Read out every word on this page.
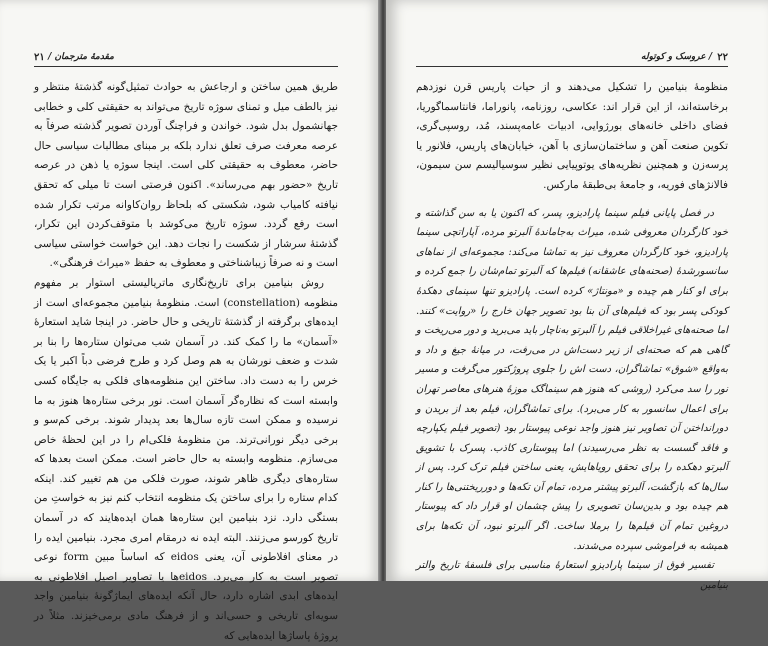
۲۱	مقدمهٔ مترجمان /

طریق همین ساختن و ارجاعش به حوادث تمثیل‌گونه گذشتهٔ منتظر و نیز بالطف میل و تمنای سوژه تاریخ می‌تواند به حقیقتی کلی و خطابی جهانشمول بدل شود. خواندن و فراچنگ آوردن تصویر گذشته صرفاً به عرصه معرفت صرف تعلق ندارد بلکه بر مبنای مطالبات سیاسی حال حاضر، معطوف به حقیقتی کلی است. اینجا سوژه یا ذهن در عرصه تاریخ «حضور بهم می‌رساند». اکنون فرصتی است تا میلی که تحقق نیافته کامیاب شود، شکستی که بلحاظ روان‌کاوانه مرتب تکرار شده است رفع گردد. سوژه تاریخ می‌کوشد با متوقف‌کردن این تکرار، گذشتهٔ سرشار از شکست را نجات دهد. این خواست خواستی سیاسی است و نه صرفاً زیباشناختی و معطوف به حفظ «میراث فرهنگی».

روش بنیامین برای تاریخ‌نگاری ماتریالیستی استوار بر مفهوم منظومه (constellation) است. منظومهٔ بنیامین مجموعه‌ای است از ایده‌های برگرفته از گذشتهٔ تاریخی و حال حاضر. در اینجا شاید استعارهٔ «آسمان» ما را کمک کند. در آسمان شب می‌توان ستاره‌ها را بنا بر شدت و ضعف نورشان به هم وصل کرد و طرح فرضی دباً اکبر یا یک خرس را به دست داد. ساختن این منظومه‌های فلکی به جایگاه کسی وابسته است که نظاره‌گر آسمان است. نور برخی ستاره‌ها هنوز به ما نرسیده و ممکن است تازه سال‌ها بعد پدیدار شوند. برخی کم‌سو و برخی دیگر نورانی‌ترند. من منظومهٔ فلکی‌ام را در این لحظهٔ خاص می‌سازم. منظومه وابسته به حال حاضر است. ممکن است بعدها که ستاره‌های دیگری ظاهر شوند، صورت فلکی من هم تغییر کند. اینکه کدام ستاره را برای ساختن یک منظومه انتخاب کنم نیز به خواستِ من بستگی دارد. نزد بنیامین این ستاره‌ها همان ایده‌هایند که در آسمان تاریخ کورسو می‌زنند. البته ایده نه درمقام امری مجرد. بنیامین ایده را در معنای افلاطونی آن، یعنی eidos که اساساً مبین form نوعی تصویر است به کار می‌برد. eidos‌ها یا تصاویر اصیل افلاطونی به ایده‌های ابدی اشاره دارد، حال آنکه ایده‌های ایماژگونهٔ بنیامین واجد سویه‌ای تاریخی و حسی‌اند و از فرهنگ مادی برمی‌خیزند. مثلاً در پروژهٔ پاساژها ایده‌هایی که

۲۲
/ عروسک و کوتوله

منظومهٔ بنیامین را تشکیل می‌دهند و از حیات پاریس قرن نوزدهم برخاسته‌اند، از این قرار اند: عکاسی، روزنامه، پانوراما، فانتاسماگوریا، فضای داخلی خانه‌های بورژوایی، ادبیات عامه‌پسند، مُد، روسپی‌گری، تکوین صنعت آهن و ساختمان‌سازی با آهن، خیابان‌های پاریس، فلانور یا پرسه‌زن و همچنین نظریه‌های یوتوپیایی نظیر سوسیالیسم سن سیمون، فالانژهای فوریه، و جامعهٔ بی‌طبقهٔ مارکس.

در فصل پایانی فیلم سینما پارادیزو، پسر، که اکنون یا به سن گذاشته و خود کارگردان معروفی شده، میراث‌ به‌جاماندهٔ آلبرتو مرده، آپاراتچی سینما پارادیزو، خود کارگردان معروف نیز به تماشا می‌کند: مجموعه‌ای از نماهای سانسورشدهٔ (صحنه‌های عاشقانه) فیلم‌ها که آلبرتو تمام‌شان را جمع کرده و برای او کنار هم چیده و «مونتاژ» کرده است. پارادیزو تنها سینمای دهکدهٔ کودکی پسر بود که فیلم‌های آن بنا بود تصویر جهان خارج را «روایت» کنند. اما صحنه‌های غیراخلاقی فیلم را آلبرتو به‌ناچار باید می‌برید و دور می‌ریخت و گاهی هم که صحنه‌ای از زیر دست‌اش در می‌رفت، در میانهٔ جیغ و داد و به‌واقع «شوق» تماشاگران، دست اش را جلوی پروژکتور می‌گرفت و مسیر نور را سد می‌کرد (روشی که هنوز هم سینماگک موزهٔ هنرهای معاصر تهران برای اعمال سانسور به کار می‌برد). برای تماشاگران، فیلم بعد از بریدن و دورانداختن آن تصاویر نیز هنوز واجد نوعی پیوستار بود (تصویر فیلم یکپارچه و فاقد گسست به نظر می‌رسیدند) اما پیوستاری کاذب. پسرک با تشویق آلبرتو دهکده را برای تحقق رویاهایش، یعنی ساختن فیلم ترک کرد. پس از سال‌ها که بازگشت، آلبرتو پیشتر مرده، تمام آن تکه‌ها و دورریختنی‌ها را کنار هم چیده بود و بدین‌سان تصویری را پیش چشمان او قرار داد که پیوستار دروغین تمام آن فیلم‌ها را برملا ساخت. اگر آلبرتو نبود، آن تکه‌ها برای همیشه به فراموشی سپرده می‌شدند.

تفسیر فوق از سینما پارادیزو استعارهٔ مناسبی برای فلسفهٔ تاریخ والتر بنیامین
